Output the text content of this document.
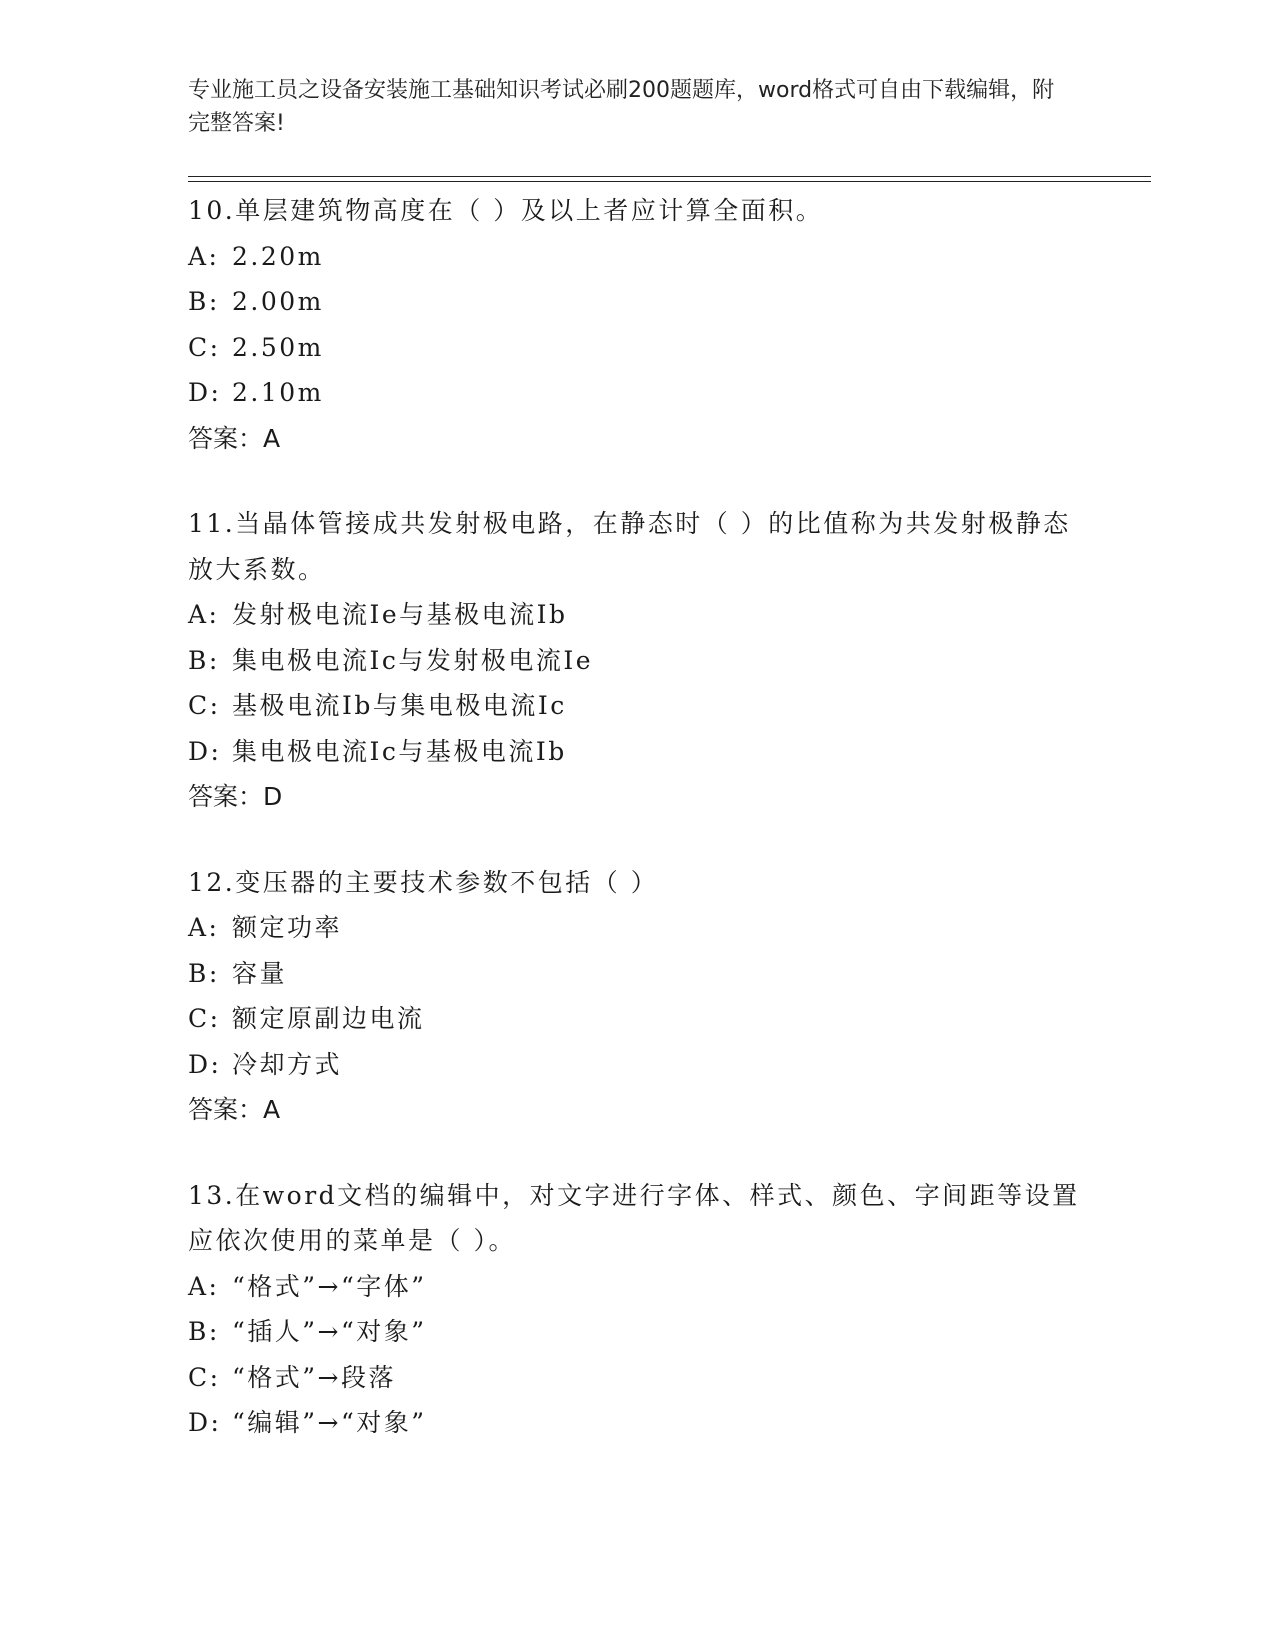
专业施工员之设备安装施工基础知识考试必刷200题题库，word格式可自由下载编辑，附完整答案!
10.单层建筑物高度在（ ）及以上者应计算全面积。
A: 2.20m
B: 2.00m
C: 2.50m
D: 2.10m
答案：A
11.当晶体管接成共发射极电路，在静态时（ ）的比值称为共发射极静态放大系数。
A: 发射极电流Ie与基极电流Ib
B: 集电极电流Ic与发射极电流Ie
C: 基极电流Ib与集电极电流Ic
D: 集电极电流Ic与基极电流Ib
答案：D
12.变压器的主要技术参数不包括（ ）
A: 额定功率
B: 容量
C: 额定原副边电流
D: 冷却方式
答案：A
13.在word文档的编辑中，对文字进行字体、样式、颜色、字间距等设置应依次使用的菜单是（ ）。
A: “格式”→“字体”
B: “插人”→“对象”
C: “格式”→段落
D: “编辑”→“对象”
